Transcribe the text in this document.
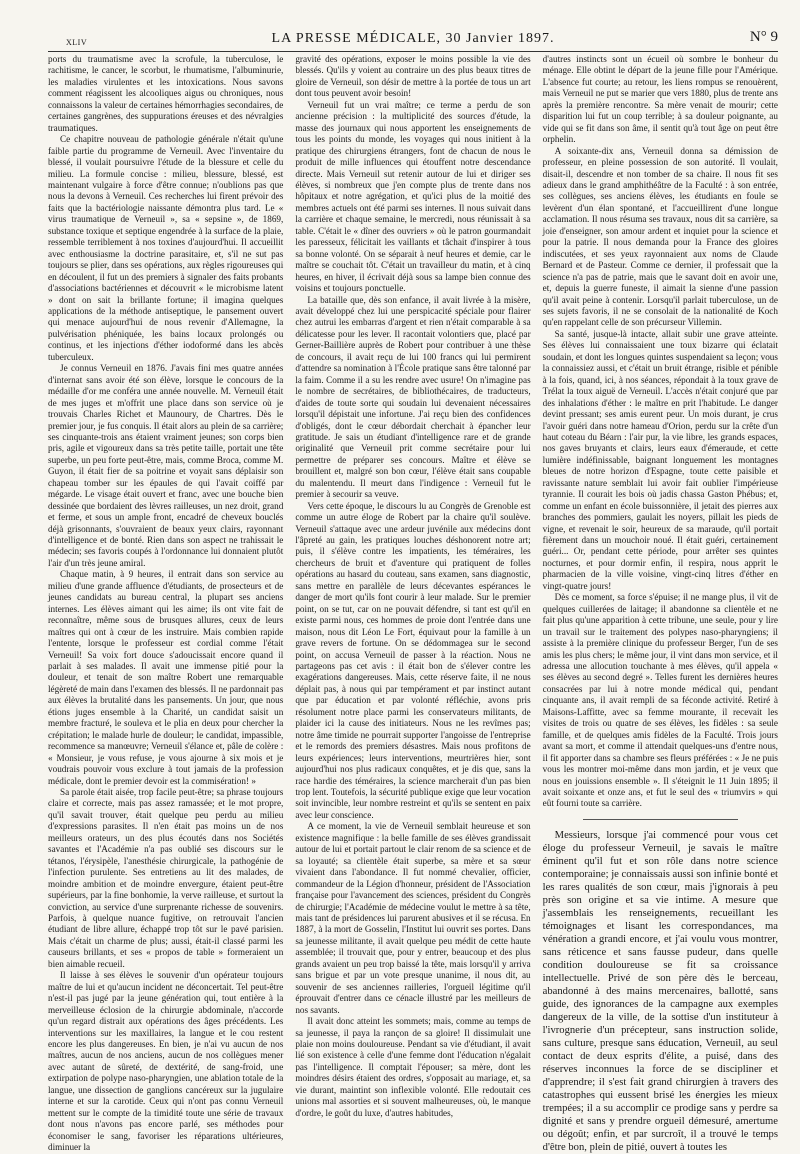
XLIV	LA PRESSE MÉDICALE, 30 Janvier 1897.	N° 9

ports du traumatisme avec la scrofule, la tuberculose, le rachitisme, le cancer, le scorbut, le rhumatisme, l'albuminurie, les maladies virulentes et les intoxications. Nous savons comment réagissent les alcooliques aigus ou chroniques, nous connaissons la valeur de certaines hémorrhagies secondaires, de certaines gangrènes, des suppurations éreuses et des névralgies traumatiques.

Ce chapitre nouveau de pathologie générale n'était qu'une faible partie du programme de Verneuil. Avec l'inventaire du blessé, il voulait poursuivre l'étude de la blessure et celle du milieu. La formule concise : milieu, blessure, blessé, est maintenant vulgaire à force d'être connue; n'oublions pas que nous la devons à Verneuil. Ces recherches lui firent prévoir des faits que la bactériologie naissante démontra plus tard. Le « virus traumatique de Verneuil », sa « sepsine », de 1869, substance toxique et septique engendrée à la surface de la plaie, ressemble terriblement à nos toxines d'aujourd'hui. Il accueillit avec enthousiasme la doctrine parasitaire, et, s'il ne sut pas toujours se plier, dans ses opérations, aux règles rigoureuses qui en découlent, il fut un des premiers à signaler des faits probants d'associations bactériennes et découvrit « le microbisme latent » dont on sait la brillante fortune; il imagina quelques applications de la méthode antiseptique, le pansement ouvert qui menace aujourd'hui de nous revenir d'Allemagne, la pulvérisation phéniquée, les bains locaux prolongés ou continus, et les injections d'éther iodoformé dans les abcès tuberculeux.

Je connus Verneuil en 1876. J'avais fini mes quatre années d'internat sans avoir été son élève, lorsque le concours de la médaille d'or me conféra une année nouvelle. M. Verneuil était de mes juges et m'offrit une place dans son service où je trouvais Charles Richet et Maunoury, de Chartres. Dès le premier jour, je fus conquis. Il était alors au plein de sa carrière; ses cinquante-trois ans étaient vraiment jeunes; son corps bien pris, agile et vigoureux dans sa très petite taille, portait une tête superbe, un peu forte peut-être, mais, comme Broca, comme M. Guyon, il était fier de sa poitrine et voyait sans déplaisir son chapeau tomber sur les épaules de qui l'avait coiffé par mégarde. Le visage était ouvert et franc, avec une bouche bien dessinée que bordaient des lèvres railleuses, un nez droit, grand et ferme, et sous un ample front, encadré de cheveux bouclés déjà grisonnants, s'ouvraient de beaux yeux clairs, rayonnant d'intelligence et de bonté. Rien dans son aspect ne trahissait le médecin; ses favoris coupés à l'ordonnance lui donnaient plutôt l'air d'un très jeune amiral.

Chaque matin, à 9 heures, il entrait dans son service au milieu d'une grande affluence d'étudiants, de prosecteurs et de jeunes candidats au bureau central, la plupart ses anciens internes. Les élèves aimant qui les aime; ils ont vite fait de reconnaître, même sous de brusques allures, ceux de leurs maîtres qui ont à cœur de les instruire. Mais combien rapide l'entente, lorsque le professeur est cordial comme l'était Verneuil! Sa voix fort douce s'adoucissait encore quand il parlait à ses malades. Il avait une immense pitié pour la douleur, et tenait de son maître Robert une remarquable légèreté de main dans l'examen des blessés. Il ne pardonnait pas aux élèves la brutalité dans les pansements. Un jour, que nous étions juges ensemble à la Charité, un candidat saisit un membre fracturé, le souleva et le plia en deux pour chercher la crépitation; le malade hurle de douleur; le candidat, impassible, recommence sa manœuvre; Verneuil s'élance et, pâle de colère : « Monsieur, je vous refuse, je vous ajourne à six mois et je voudrais pouvoir vous exclure à tout jamais de la profession médicale, dont le premier devoir est la commisération! »

Sa parole était aisée, trop facile peut-être; sa phrase toujours claire et correcte, mais pas assez ramassée; et le mot propre, qu'il savait trouver, était quelque peu perdu au milieu d'expressions parasites. Il n'en était pas moins un de nos meilleurs orateurs, un des plus écoutés dans nos Sociétés savantes et l'Académie n'a pas oublié ses discours sur le tétanos, l'érysipèle, l'anesthésie chirurgicale, la pathogénie de l'infection purulente. Ses entretiens au lit des malades, de moindre ambition et de moindre envergure, étaient peut-être supérieurs, par la fine bonhomie, la verve railleuse, et surtout la conviction, au service d'une surprenante richesse de souvenirs. Parfois, à quelque nuance fugitive, on retrouvait l'ancien étudiant de libre allure, échappé trop tôt sur le pavé parisien. Mais c'était un charme de plus; aussi, était-il classé parmi les causeurs brillants, et ses « propos de table » formeraient un bien aimable recueil.

Il laisse à ses élèves le souvenir d'un opérateur toujours maître de lui et qu'aucun incident ne déconcertait. Tel peut-être n'est-il pas jugé par la jeune génération qui, tout entière à la merveilleuse éclosion de la chirurgie abdominale, n'accorde qu'un regard distrait aux opérations des âges précédents. Les interventions sur les maxillaires, la langue et le cou restent encore les plus dangereuses. En bien, je n'ai vu aucun de nos maîtres, aucun de nos anciens, aucun de nos collègues mener avec autant de sûreté, de dextérité, de sang-froid, une extirpation de polype naso-pharyngien, une ablation totale de la langue, une dissection de ganglions cancéreux sur la jugulaire interne et sur la carotide. Ceux qui n'ont pas connu Verneuil mettent sur le compte de la timidité toute une série de travaux dont nous n'avons pas encore parlé, ses méthodes pour économiser le sang, favoriser les réparations ultérieures, diminuer la

gravité des opérations, exposer le moins possible la vie des blessés. Qu'ils y voient au contraire un des plus beaux titres de gloire de Verneuil, son désir de mettre à la portée de tous un art dont tous peuvent avoir besoin!

Verneuil fut un vrai maître; ce terme a perdu de son ancienne précision : la multiplicité des sources d'étude, la masse des journaux qui nous apportent les enseignements de tous les points du monde, les voyages qui nous initient à la pratique des chirurgiens étrangers, font de chacun de nous le produit de mille influences qui étouffent notre descendance directe. Mais Verneuil sut retenir autour de lui et diriger ses élèves, si nombreux que j'en compte plus de trente dans nos hôpitaux et notre agrégation, et qu'ici plus de la moitié des membres actuels ont été parmi ses internes. Il nous suivait dans la carrière et chaque semaine, le mercredi, nous réunissait à sa table. C'était le « dîner des ouvriers » où le patron gourmandait les paresseux, félicitait les vaillants et tâchait d'inspirer à tous sa bonne volonté. On se séparait à neuf heures et demie, car le maître se couchait tôt. C'était un travailleur du matin, et à cinq heures, en hiver, il écrivait déjà sous sa lampe bien connue des voisins et toujours ponctuelle.

La bataille que, dès son enfance, il avait livrée à la misère, avait développé chez lui une perspicacité spéciale pour flairer chez autrui les embarras d'argent et rien n'était comparable à sa délicatesse pour les lever. Il racontait volontiers que, placé par Gerner-Baillière auprès de Robert pour contribuer à une thèse de concours, il avait reçu de lui 100 francs qui lui permirent d'attendre sa nomination à l'École pratique sans être talonné par la faim. Comme il a su les rendre avec usure! On n'imagine pas le nombre de secrétaires, de bibliothécaires, de traducteurs, d'aides de toute sorte qui soudain lui devenaient nécessaires lorsqu'il dépistait une infortune. J'ai reçu bien des confidences d'obligés, dont le cœur débordait cherchait à épancher leur gratitude. Je sais un étudiant d'intelligence rare et de grande originalité que Verneuil prit comme secrétaire pour lui permettre de préparer ses concours. Maître et élève se brouillent et, malgré son bon cœur, l'élève était sans coupable du malentendu. Il meurt dans l'indigence : Verneuil fut le premier à secourir sa veuve.

Vers cette époque, le discours lu au Congrès de Grenoble est comme un autre éloge de Robert par la chaire qu'il soulève. Verneuil s'attaque avec une ardeur juvénile aux médecins dont l'âpreté au gain, les pratiques louches déshonorent notre art; puis, il s'élève contre les impatients, les téméraires, les chercheurs de bruit et d'aventure qui pratiquent de folles opérations au hasard du couteau, sans examen, sans diagnostic, sans mettre en parallèle de leurs décevantes espérances le danger de mort qu'ils font courir à leur malade. Sur le premier point, on se tut, car on ne pouvait défendre, si tant est qu'il en existe parmi nous, ces hommes de proie dont l'entrée dans une maison, nous dit Léon Le Fort, équivaut pour la famille à un grave revers de fortune. On se dédommagea sur le second point, on accusa Verneuil de passer à la réaction. Nous ne partageons pas cet avis : il était bon de s'élever contre les exagérations dangereuses. Mais, cette réserve faite, il ne nous déplait pas, à nous qui par tempérament et par instinct autant que par éducation et par volonté réfléchie, avons pris résolument notre place parmi les conservateurs militants, de plaider ici la cause des initiateurs. Nous ne les revîmes pas; notre âme timide ne pourrait supporter l'angoisse de l'entreprise et le remords des premiers désastres. Mais nous profitons de leurs expériences; leurs interventions, meurtrières hier, sont aujourd'hui nos plus radicaux conquêtes, et je dis que, sans la race hardie des téméraires, la science marcherait d'un pas bien trop lent. Toutefois, la sécurité publique exige que leur vocation soit invincible, leur nombre restreint et qu'ils se sentent en paix avec leur conscience.

A ce moment, la vie de Verneuil semblait heureuse et son existence magnifique : la belle famille de ses élèves grandissait autour de lui et portait partout le clair renom de sa science et de sa loyauté; sa clientèle était superbe, sa mère et sa sœur vivaient dans l'abondance. Il fut nommé chevalier, officier, commandeur de la Légion d'honneur, président de l'Association française pour l'avancement des sciences, président du Congrès de chirurgie; l'Académie de médecine voulut le mettre à sa tête, mais tant de présidences lui parurent abusives et il se récusa. En 1887, à la mort de Gosselin, l'Institut lui ouvrit ses portes. Dans sa jeunesse militante, il avait quelque peu médit de cette haute assemblée; il trouvait que, pour y entrer, beaucoup et des plus grands avaient un peu trop baissé la tête, mais lorsqu'il y arriva sans brigue et par un vote presque unanime, il nous dit, au souvenir de ses anciennes railleries, l'orgueil légitime qu'il éprouvait d'entrer dans ce cénacle illustré par les meilleurs de nos savants.

Il avait donc atteint les sommets; mais, comme au temps de sa jeunesse, il paya la rançon de sa gloire! Il dissimulait une plaie non moins douloureuse. Pendant sa vie d'étudiant, il avait lié son existence à celle d'une femme dont l'éducation n'égalait pas l'intelligence. Il comptait l'épouser; sa mère, dont les moindres désirs étaient des ordres, s'opposait au mariage, et, sa vie durant, maintint son inflexible volonté. Elle redoutait ces unions mal assorties et si souvent malheureuses, où, le manque d'ordre, le goût du luxe, d'autres habitudes,

d'autres instincts sont un écueil où sombre le bonheur du ménage. Elle obtint le départ de la jeune fille pour l'Amérique. L'absence fut courte; au retour, les liens rompus se renouèrent, mais Verneuil ne put se marier que vers 1880, plus de trente ans après la première rencontre. Sa mère venait de mourir; cette disparition lui fut un coup terrible; à sa douleur poignante, au vide qui se fit dans son âme, il sentit qu'à tout âge on peut être orphelin.

A soixante-dix ans, Verneuil donna sa démission de professeur, en pleine possession de son autorité. Il voulait, disait-il, descendre et non tomber de sa chaire. Il nous fit ses adieux dans le grand amphithéâtre de la Faculté : à son entrée, ses collègues, ses anciens élèves, les étudiants en foule se levèrent d'un élan spontané, et l'accueillirent d'une longue acclamation. Il nous résuma ses travaux, nous dit sa carrière, sa joie d'enseigner, son amour ardent et inquiet pour la science et pour la patrie. Il nous demanda pour la France des gloires indiscutées, et ses yeux rayonnaient aux noms de Claude Bernard et de Pasteur. Comme ce dernier, il professait que la science n'a pas de patrie, mais que le savant doit en avoir une, et, depuis la guerre funeste, il aimait la sienne d'une passion qu'il avait peine à contenir. Lorsqu'il parlait tuberculose, un de ses sujets favoris, il ne se consolait de la nationalité de Koch qu'en rappelant celle de son précurseur Villemin.

Sa santé, jusque-là intacte, allait subir une grave atteinte. Ses élèves lui connaissaient une toux bizarre qui éclatait soudain, et dont les longues quintes suspendaient sa leçon; vous la connaissiez aussi, et c'était un bruit étrange, risible et pénible à la fois, quand, ici, à nos séances, répondait à la toux grave de Trélat la toux aiguë de Verneuil. L'accès n'était conjuré que par des inhalations d'éther : le maître en prit l'habitude. Le danger devint pressant; ses amis eurent peur. Un mois durant, je crus l'avoir guéri dans notre hameau d'Orion, perdu sur la crête d'un haut coteau du Béarn : l'air pur, la vie libre, les grands espaces, nos gaves bruyants et clairs, leurs eaux d'émeraude, et cette lumière indéfinissable, baignant longuement les montagnes bleues de notre horizon d'Espagne, toute cette paisible et ravissante nature semblait lui avoir fait oublier l'impérieuse tyrannie. Il courait les bois où jadis chassa Gaston Phébus; et, comme un enfant en école buissonnière, il jetait des pierres aux branches des pommiers, gaulait les noyers, pillait les pieds de vigne, et revenait le soir, heureux de sa maraude, qu'il portait fièrement dans un mouchoir noué. Il était guéri, certainement guéri... Or, pendant cette période, pour arrêter ses quintes nocturnes, et pour dormir enfin, il respira, nous apprit le pharmacien de la ville voisine, vingt-cinq litres d'éther en vingt-quatre jours!

Dès ce moment, sa force s'épuise; il ne mange plus, il vit de quelques cuillerées de laitage; il abandonne sa clientèle et ne fait plus qu'une apparition à cette tribune, une seule, pour y lire un travail sur le traitement des polypes naso-pharyngiens; il assiste à la première clinique du professeur Berger, l'un de ses amis les plus chers; le même jour, il vint dans mon service, et il adressa une allocution touchante à mes élèves, qu'il appela « ses élèves au second degré ». Telles furent les dernières heures consacrées par lui à notre monde médical qui, pendant cinquante ans, il avait rempli de sa féconde activité. Retiré à Maisons-Laffitte, avec sa femme mourante, il recevait les visites de trois ou quatre de ses élèves, les fidèles : sa seule famille, et de quelques amis fidèles de la Faculté. Trois jours avant sa mort, et comme il attendait quelques-uns d'entre nous, il fit apporter dans sa chambre ses fleurs préférées : « Je ne puis vous les montrer moi-même dans mon jardin, et je veux que nous en jouissions ensemble ». Il s'éteignit le 11 Juin 1895; il avait soixante et onze ans, et fut le seul des « triumvirs » qui eût fourni toute sa carrière.

Messieurs, lorsque j'ai commencé pour vous cet éloge du professeur Verneuil, je savais le maître éminent qu'il fut et son rôle dans notre science contemporaine; je connaissais aussi son infinie bonté et les rares qualités de son cœur, mais j'ignorais à peu près son origine et sa vie intime. A mesure que j'assemblais les renseignements, recueillant les témoignages et lisant les correspondances, ma vénération a grandi encore, et j'ai voulu vous montrer, sans réticence et sans fausse pudeur, dans quelle condition douloureuse se fit sa croissance intellectuelle. Privé de son père dès le berceau, abandonné à des mains mercenaires, ballotté, sans guide, des ignorances de la campagne aux exemples dangereux de la ville, de la sottise d'un instituteur à l'ivrognerie d'un précepteur, sans instruction solide, sans culture, presque sans éducation, Verneuil, au seul contact de deux esprits d'élite, a puisé, dans des réserves inconnues la force de se discipliner et d'apprendre; il s'est fait grand chirurgien à travers des catastrophes qui eussent brisé les énergies les mieux trempées; il a su accomplir ce prodige sans y perdre sa dignité et sans y prendre orgueil démesuré, amertume ou dégoût; enfin, et par surcroît, il a trouvé le temps d'être bon, plein de pitié, ouvert à toutes les
